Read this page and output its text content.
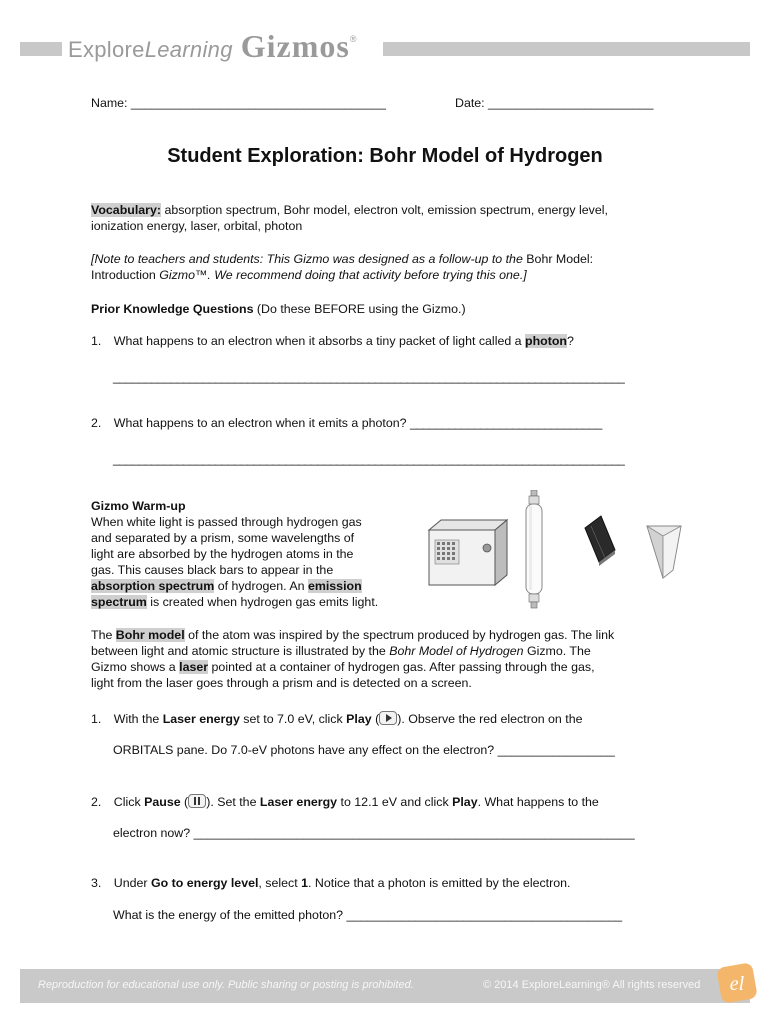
Explore Learning Gizmos ®
Name: _____________________________________	Date: ________________________
Student Exploration: Bohr Model of Hydrogen
Vocabulary: absorption spectrum, Bohr model, electron volt, emission spectrum, energy level,
ionization energy, laser, orbital, photon
[Note to teachers and students: This Gizmo was designed as a follow-up to the Bohr Model:
Introduction Gizmo™. We recommend doing that activity before trying this one.]
Prior Knowledge Questions (Do these BEFORE using the Gizmo.)
1. What happens to an electron when it absorbs a tiny packet of light called a photon?
________________________________________________________________________________
2. What happens to an electron when it emits a photon? ______________________________
________________________________________________________________________________
Gizmo Warm-up
When white light is passed through hydrogen gas
and separated by a prism, some wavelengths of
light are absorbed by the hydrogen atoms in the
gas. This causes black bars to appear in the
absorption spectrum of hydrogen. An emission
spectrum is created when hydrogen gas emits light.
The Bohr model of the atom was inspired by the spectrum produced by hydrogen gas. The link
between light and atomic structure is illustrated by the Bohr Model of Hydrogen Gizmo. The
Gizmo shows a laser pointed at a container of hydrogen gas. After passing through the gas,
light from the laser goes through a prism and is detected on a screen.
1. With the Laser energy set to 7.0 eV, click Play ( ). Observe the red electron on the
ORBITALS pane. Do 7.0-eV photons have any effect on the electron? _________________
2. Click Pause ( ). Set the Laser energy to 12.1 eV and click Play. What happens to the
electron now? ________________________________________________________________
3. Under Go to energy level, select 1. Notice that a photon is emitted by the electron.
What is the energy of the emitted photon? ________________________________________
Reproduction for educational use only. Public sharing or posting is prohibited.	© 2014 ExploreLearning® All rights reserved el
